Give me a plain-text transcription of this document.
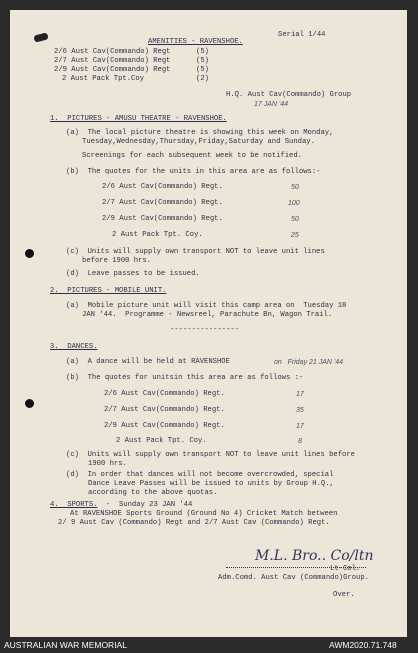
Serial 1/44
AMENITIES - RAVENSHOE.
2/6 Aust Cav(Commando) Regt	(5)
2/7 Aust Cav(Commando) Regt	(5)
2/9 Aust Cav(Commando) Regt	(5)
2 Aust Pack Tpt.Coy	(2)
H.Q. Aust Cav(Commando) Group
17 JAN '44
1.  PICTURES - AMUSU THEATRE - RAVENSHOE.
(a)  The local picture theatre is showing this week on Monday,
Tuesday,Wednesday,Thursday,Friday,Saturday and Sunday.
Screenings for each subsequent week to be notified.
(b)  The quotes for the units in this area are as follows:-
2/6 Aust Cav(Commando) Regt.	50
2/7 Aust Cav(Commando) Regt.	100
2/9 Aust Cav(Commando) Regt.	50
2 Aust Pack Tpt. Coy.	25
(c)  Units will supply own transport NOT to leave unit lines
before 1900 hrs.
(d)  Leave passes to be issued.
2.  PICTURES - MOBILE UNIT.
(a)  Mobile picture unit will visit this camp area on  Tuesday 18
JAN '44.  Programme - Newsreel, Parachute Bn, Wagon Trail.
----------------
3.  DANCES.
(a)  A dance will be held at RAVENSHOE	on   Friday 21 JAN '44
(b)  The quotes for unitsin this area are as follows :-
2/6 Aust Cav(Commando) Regt.	17
2/7 Aust Cav(Commando) Regt.	35
2/9 Aust Cav(Commando) Regt.	17
2 Aust Pack Tpt. Coy.	8
(c)  Units will supply own transport NOT to leave unit lines before
1900 hrs.
(d)  In order that dances will not become overcrowded, special
Dance Leave Passes will be issued to units by Group H.Q.,
according to the above quotas.
4.  SPORTS. -  Sunday 23 JAN '44
At RAVENSHOE Sports Ground (Ground No 4) Cricket Match between
2/ 9 Aust Cav (Commando) Regt and 2/7 Aust Cav (Commando) Regt.
M.L. Bro.. Co/ltn
Lt-Col.
Adm.Comd. Aust Cav (Commando)Group.
Over.
AUSTRALIAN WAR MEMORIAL	AWM2020.71.748
